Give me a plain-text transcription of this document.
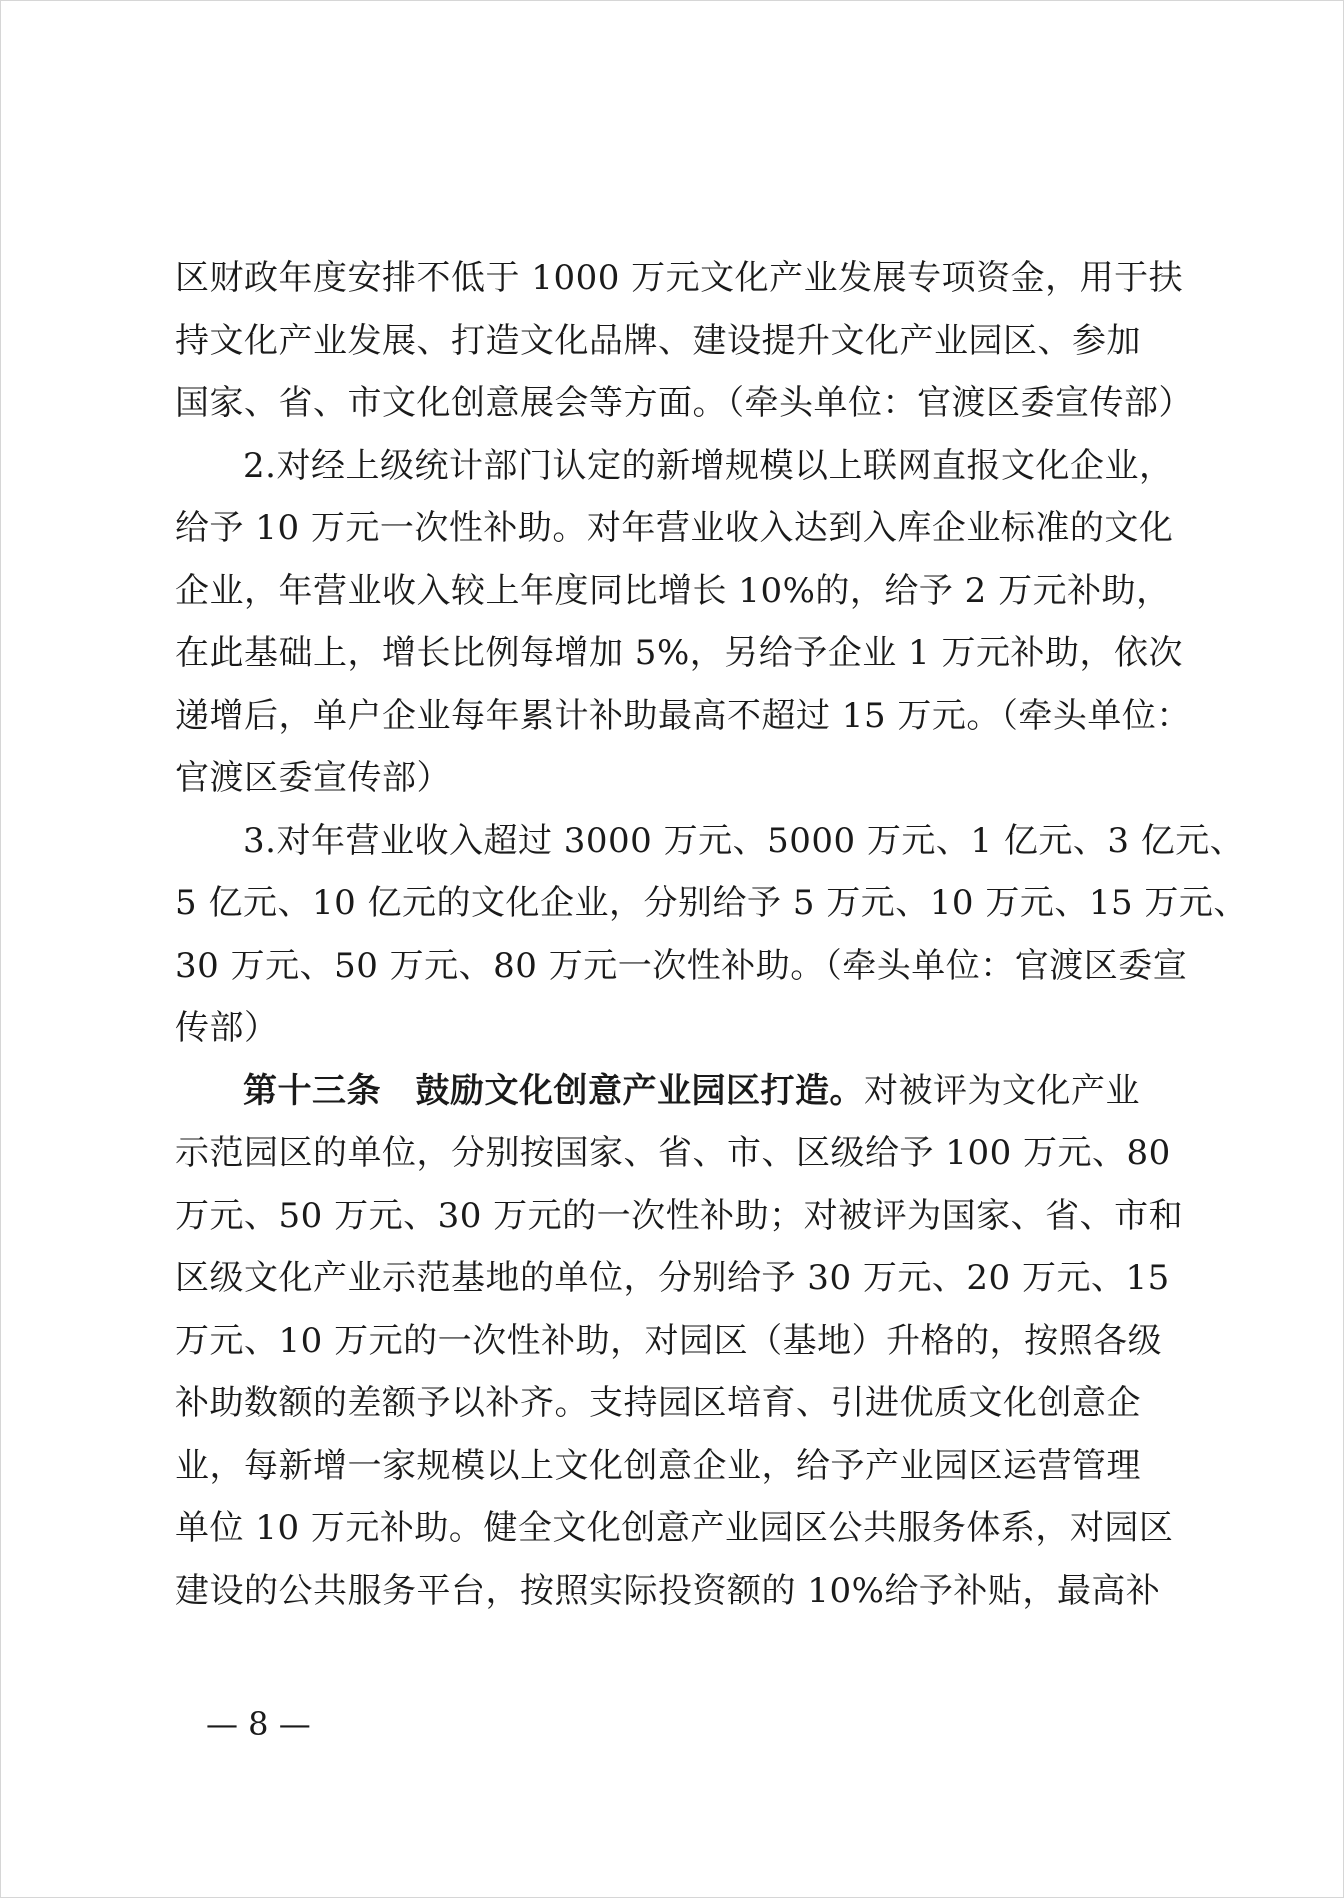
区财政年度安排不低于 1000 万元文化产业发展专项资金，用于扶
持文化产业发展、打造文化品牌、建设提升文化产业园区、参加
国家、省、市文化创意展会等方面。（牵头单位：官渡区委宣传部）
2.对经上级统计部门认定的新增规模以上联网直报文化企业，
给予 10 万元一次性补助。对年营业收入达到入库企业标准的文化
企业，年营业收入较上年度同比增长 10%的，给予 2 万元补助，
在此基础上，增长比例每增加 5%，另给予企业 1 万元补助，依次
递增后，单户企业每年累计补助最高不超过 15 万元。（牵头单位：
官渡区委宣传部）
3.对年营业收入超过 3000 万元、5000 万元、1 亿元、3 亿元、
5 亿元、10 亿元的文化企业，分别给予 5 万元、10 万元、15 万元、
30 万元、50 万元、80 万元一次性补助。（牵头单位：官渡区委宣
传部）
第十三条　鼓励文化创意产业园区打造。对被评为文化产业
示范园区的单位，分别按国家、省、市、区级给予 100 万元、80
万元、50 万元、30 万元的一次性补助；对被评为国家、省、市和
区级文化产业示范基地的单位，分别给予 30 万元、20 万元、15
万元、10 万元的一次性补助，对园区（基地）升格的，按照各级
补助数额的差额予以补齐。支持园区培育、引进优质文化创意企
业，每新增一家规模以上文化创意企业，给予产业园区运营管理
单位 10 万元补助。健全文化创意产业园区公共服务体系，对园区
建设的公共服务平台，按照实际投资额的 10%给予补贴，最高补
— 8 —
